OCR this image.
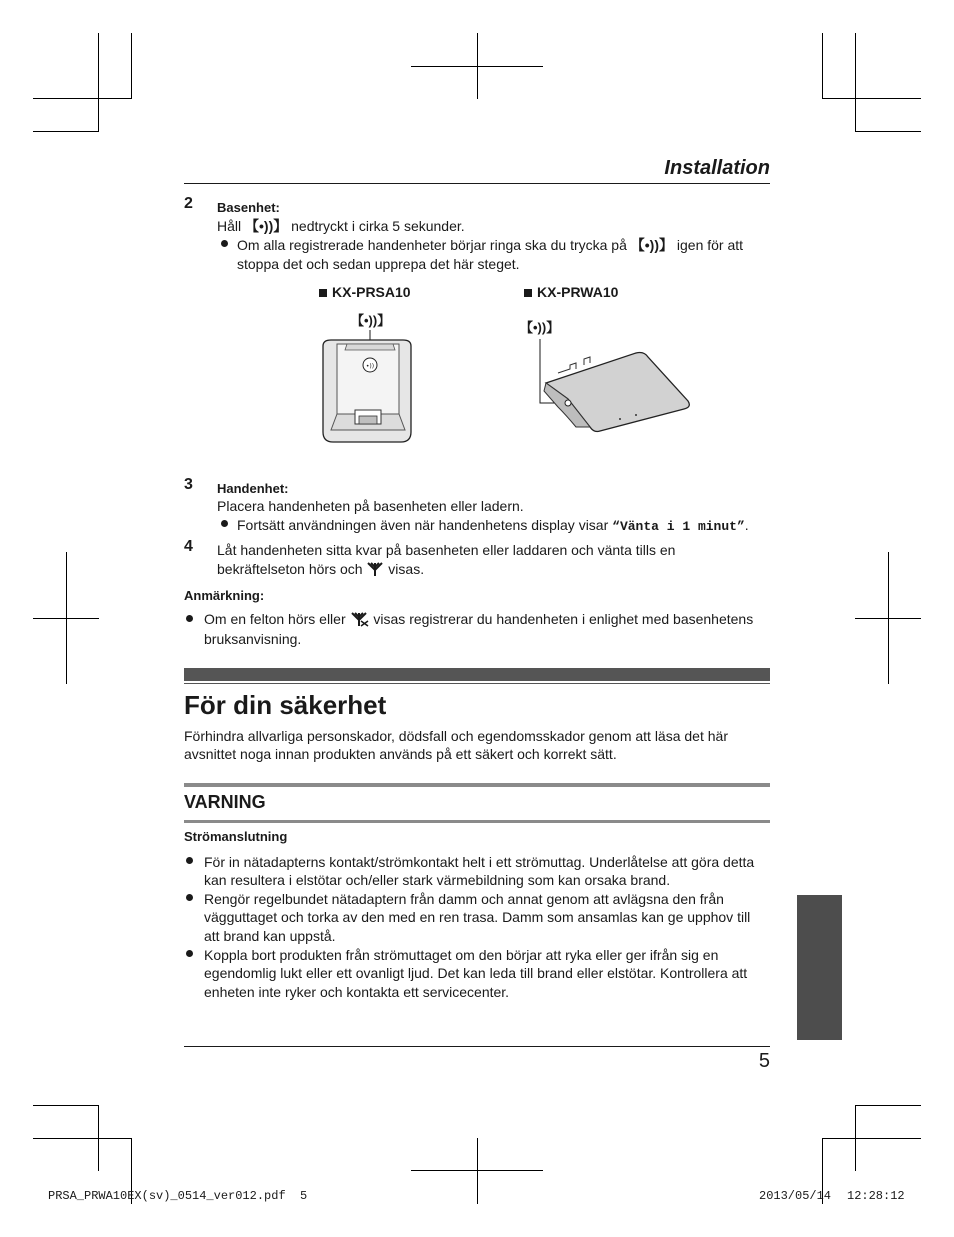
Installation
2 Basenhet:
Håll 【•))】 nedtryckt i cirka 5 sekunder.
Om alla registrerade handenheter börjar ringa ska du trycka på 【•))】 igen för att
stoppa det och sedan upprepa det här steget.
KX-PRSA10	KX-PRWA10
【•))】	【•))】
•))
3 Handenhet:
Placera handenheten på basenheten eller ladern.
Fortsätt användningen även när handenhetens display visar “Vänta i 1 minut”.
4 Låt handenheten sitta kvar på basenheten eller laddaren och vänta tills en
bekräftelseton hörs och  visas.
Anmärkning:
Om en felton hörs eller  visas registrerar du handenheten i enlighet med basenhetens
bruksanvisning.
För din säkerhet
Förhindra allvarliga personskador, dödsfall och egendomsskador genom att läsa det här
avsnittet noga innan produkten används på ett säkert och korrekt sätt.
VARNING
Strömanslutning
För in nätadapterns kontakt/strömkontakt helt i ett strömuttag. Underlåtelse att göra detta
kan resultera i elstötar och/eller stark värmebildning som kan orsaka brand.
Rengör regelbundet nätadaptern från damm och annat genom att avlägsna den från
vägguttaget och torka av den med en ren trasa. Damm som ansamlas kan ge upphov till
att brand kan uppstå.
Koppla bort produkten från strömuttaget om den börjar att ryka eller ger ifrån sig en
egendomlig lukt eller ett ovanligt ljud. Det kan leda till brand eller elstötar. Kontrollera att
enheten inte ryker och kontakta ett servicecenter.
5
PRSA_PRWA10EX(sv)_0514_ver012.pdf 5	2013/05/14 12:28:12
